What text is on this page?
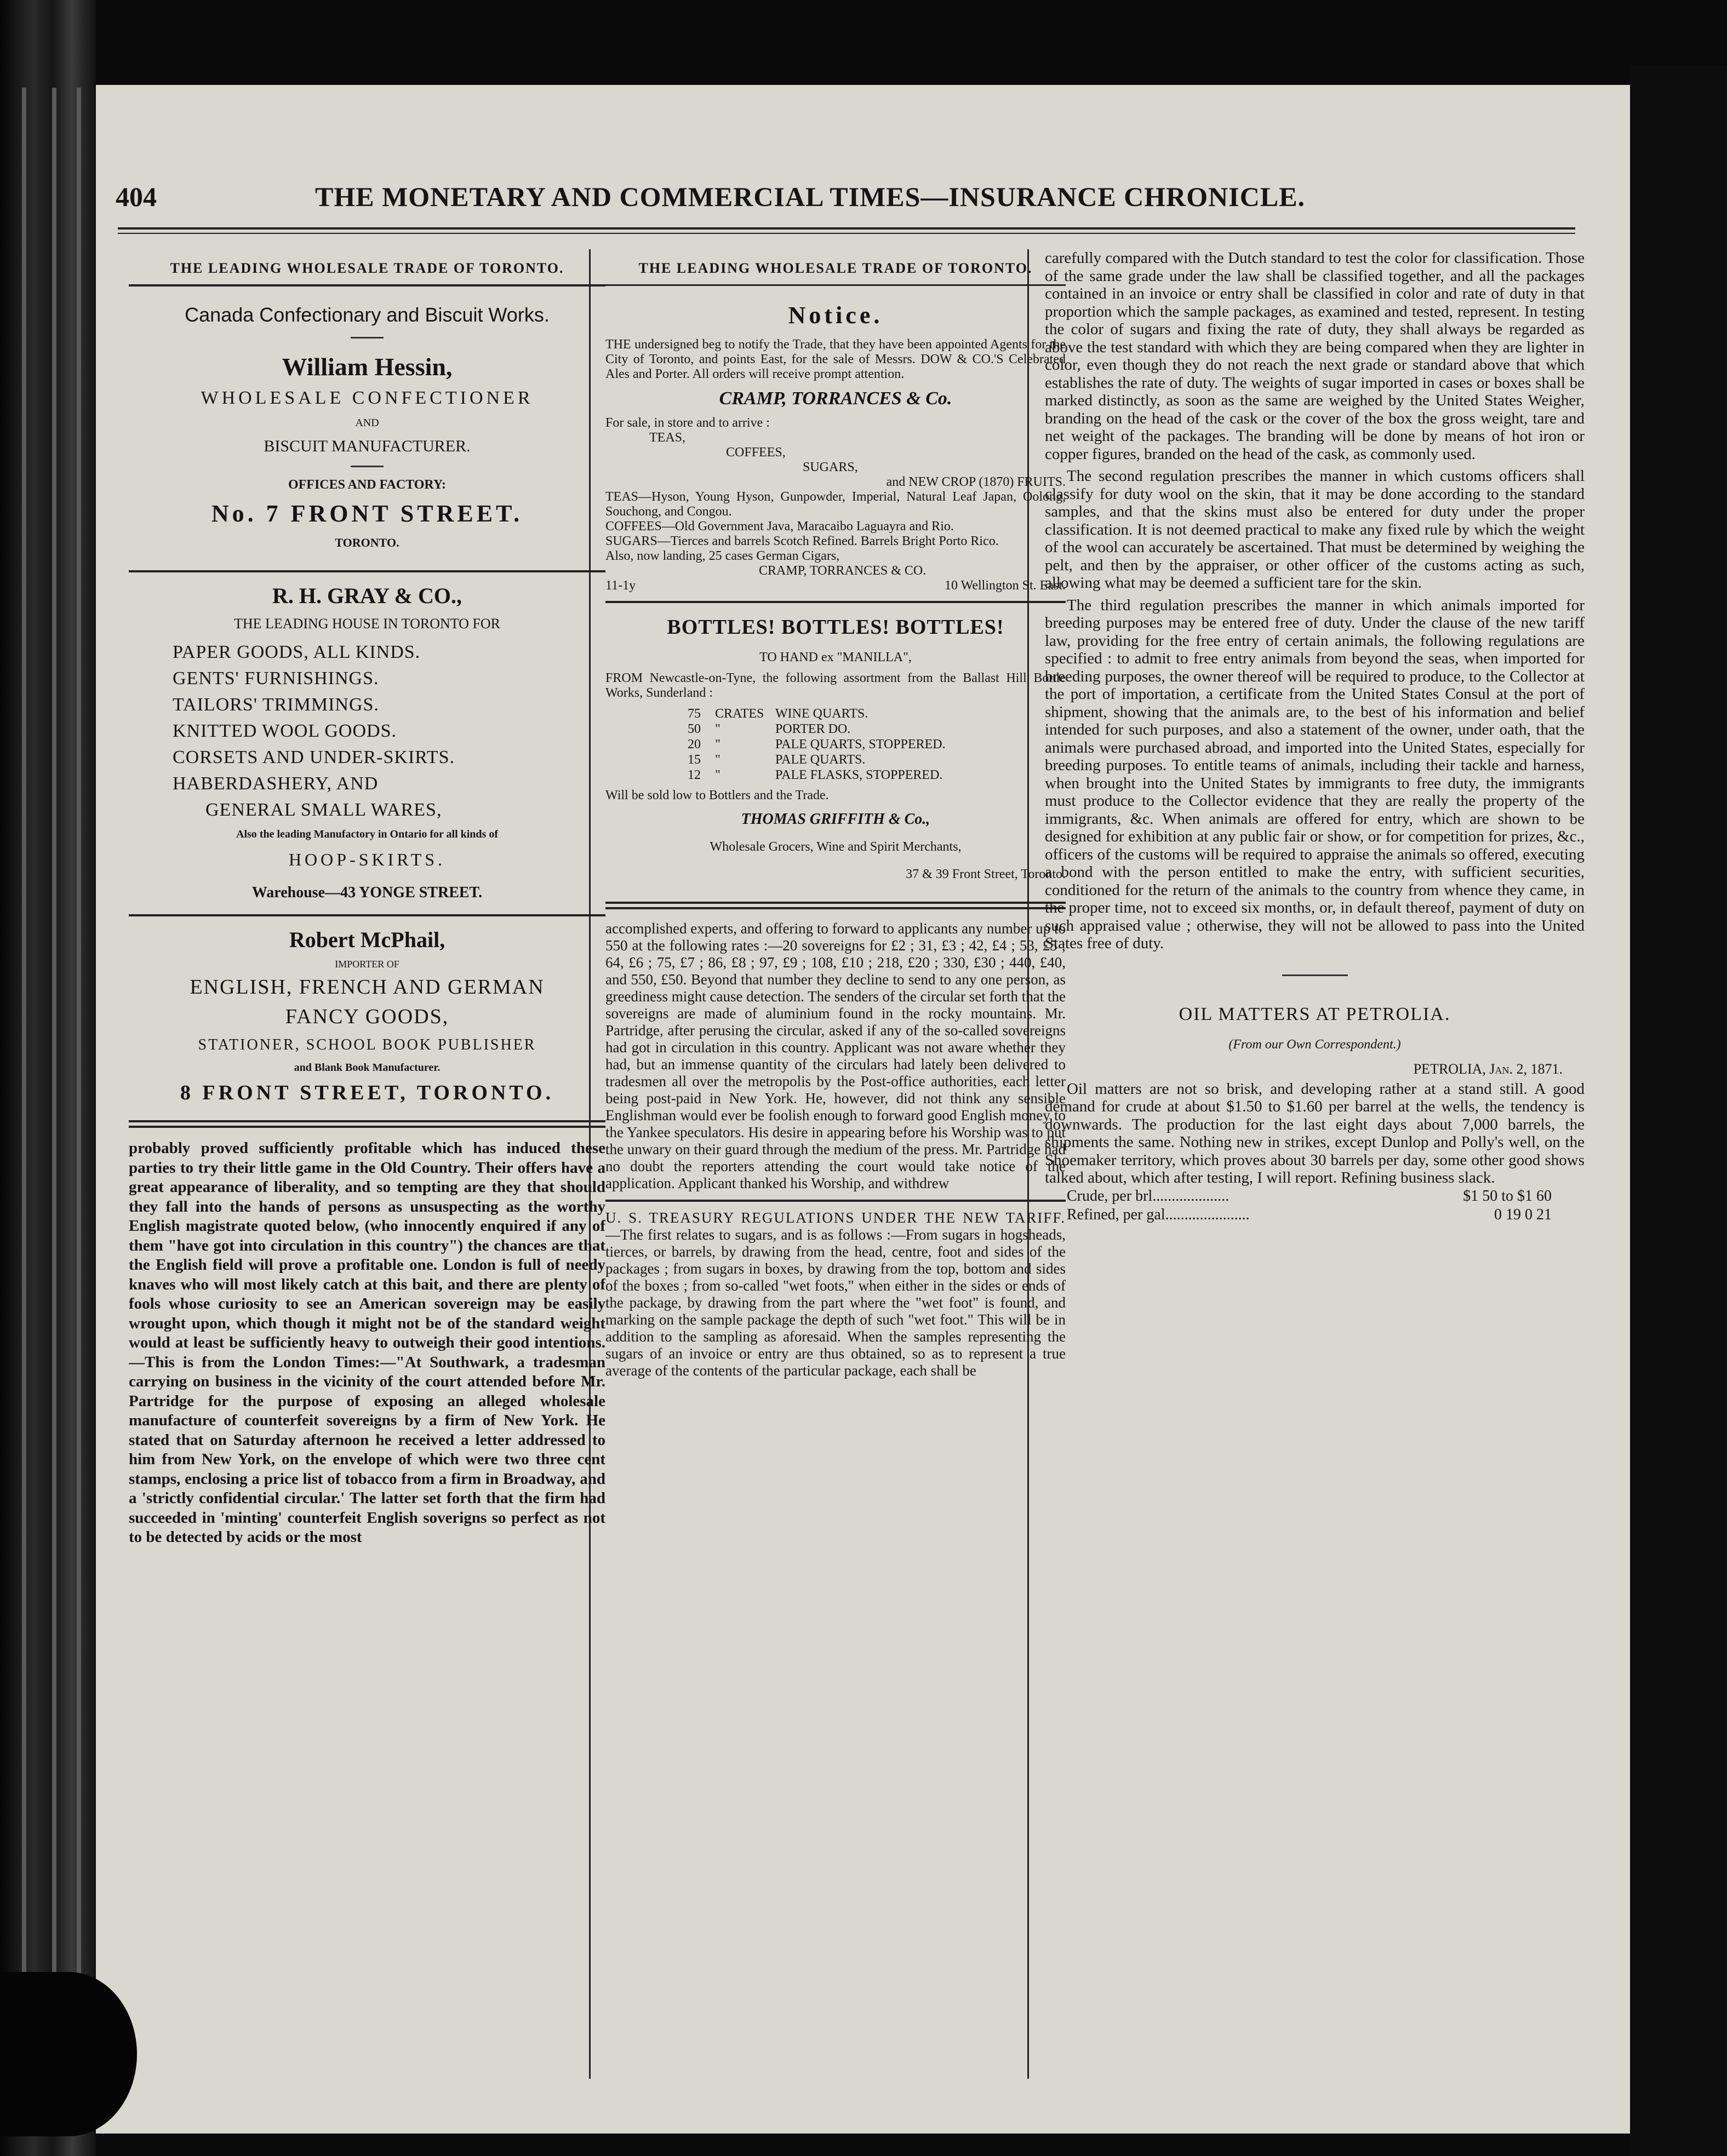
404	THE MONETARY AND COMMERCIAL TIMES—INSURANCE CHRONICLE.
THE LEADING WHOLESALE TRADE OF TORONTO.
Canada Confectionary and Biscuit Works.
William Hessin,
WHOLESALE CONFECTIONER
AND
BISCUIT MANUFACTURER.
OFFICES AND FACTORY:
No. 7 FRONT STREET.
TORONTO.
R. H. GRAY & CO.,
THE LEADING HOUSE IN TORONTO FOR
PAPER GOODS, ALL KINDS.
GENTS' FURNISHINGS.
TAILORS' TRIMMINGS.
KNITTED WOOL GOODS.
CORSETS AND UNDER-SKIRTS.
HABERDASHERY, AND
GENERAL SMALL WARES,
Also the leading Manufactory in Ontario for all kinds of
HOOP-SKIRTS.
Warehouse—43 YONGE STREET.
Robert McPhail,
IMPORTER OF
ENGLISH, FRENCH AND GERMAN
FANCY GOODS,
STATIONER, SCHOOL BOOK PUBLISHER
and Blank Book Manufacturer.
8 FRONT STREET, TORONTO.

probably proved sufficiently profitable which has induced these parties to try their little game in the Old Country. Their offers have a great appearance of liberality, and so tempting are they that should they fall into the hands of persons as unsuspecting as the worthy English magistrate quoted below, (who innocently enquired if any of them "have got into circulation in this country") the chances are that the English field will prove a profitable one. London is full of needy knaves who will most likely catch at this bait, and there are plenty of fools whose curiosity to see an American sovereign may be easily wrought upon, which though it might not be of the standard weight would at least be sufficiently heavy to outweigh their good intentions.—This is from the London Times:—"At Southwark, a tradesman carrying on business in the vicinity of the court attended before Mr. Partridge for the purpose of exposing an alleged wholesale manufacture of counterfeit sovereigns by a firm of New York. He stated that on Saturday afternoon he received a letter addressed to him from New York, on the envelope of which were two three cent stamps, enclosing a price list of tobacco from a firm in Broadway, and a 'strictly confidential circular.' The latter set forth that the firm had succeeded in 'minting' counterfeit English soverigns so perfect as not to be detected by acids or the most

THE LEADING WHOLESALE TRADE OF TORONTO.
Notice.

THE undersigned beg to notify the Trade, that they have been appointed Agents for the City of Toronto, and points East, for the sale of Messrs. DOW & CO.'S Celebrated Ales and Porter. All orders will receive prompt attention.

CRAMP, TORRANCES & Co.
For sale, in store and to arrive :
TEAS,
COFFEES,
SUGARS,
and NEW CROP (1870) FRUITS.

TEAS—Hyson, Young Hyson, Gunpowder, Imperial, Natural Leaf Japan, Oolong, Souchong, and Congou.

COFFEES—Old Government Java, Maracaibo Laguayra and Rio.

SUGARS—Tierces and barrels Scotch Refined. Barrels Bright Porto Rico.

Also, now landing, 25 cases German Cigars,

CRAMP, TORRANCES & CO.
11-1y	10 Wellington St. East.
BOTTLES! BOTTLES! BOTTLES!
TO HAND ex "MANILLA",

FROM Newcastle-on-Tyne, the following assortment from the Ballast Hill Bottle Works, Sunderland :

75	CRATES WINE QUARTS.
50	"	PORTER DO.
20	"	PALE QUARTS, STOPPERED.
15	"	PALE QUARTS.
12	"	PALE FLASKS, STOPPERED.
Will be sold low to Bottlers and the Trade.
THOMAS GRIFFITH & Co.,
Wholesale Grocers, Wine and Spirit Merchants,
37 & 39 Front Street, Toronto.

accomplished experts, and offering to forward to applicants any number up to 550 at the following rates :—20 sovereigns for £2 ; 31, £3 ; 42, £4 ; 53, £5 ; 64, £6 ; 75, £7 ; 86, £8 ; 97, £9 ; 108, £10 ; 218, £20 ; 330, £30 ; 440, £40, and 550, £50. Beyond that number they decline to send to any one person, as greediness might cause detection. The senders of the circular set forth that the sovereigns are made of aluminium found in the rocky mountains. Mr. Partridge, after perusing the circular, asked if any of the so-called sovereigns had got in circulation in this country. Applicant was not aware whether they had, but an immense quantity of the circulars had lately been delivered to tradesmen all over the metropolis by the Post-office authorities, each letter being post-paid in New York. He, however, did not think any sensible Englishman would ever be foolish enough to forward good English money to the Yankee speculators. His desire in appearing before his Worship was to put the unwary on their guard through the medium of the press. Mr. Partridge had no doubt the reporters attending the court would take notice of the application. Applicant thanked his Worship, and withdrew

U. S. TREASURY REGULATIONS UNDER THE NEW TARIFF.—The first relates to sugars, and is as follows :—From sugars in hogsheads, tierces, or barrels, by drawing from the head, centre, foot and sides of the packages ; from sugars in boxes, by drawing from the top, bottom and sides of the boxes ; from so-called "wet foots," when either in the sides or ends of the package, by drawing from the part where the "wet foot" is found, and marking on the sample package the depth of such "wet foot." This will be in addition to the sampling as aforesaid. When the samples representing the sugars of an invoice or entry are thus obtained, so as to represent a true average of the contents of the particular package, each shall be

carefully compared with the Dutch standard to test the color for classification. Those of the same grade under the law shall be classified together, and all the packages contained in an invoice or entry shall be classified in color and rate of duty in that proportion which the sample packages, as examined and tested, represent. In testing the color of sugars and fixing the rate of duty, they shall always be regarded as above the test standard with which they are being compared when they are lighter in color, even though they do not reach the next grade or standard above that which establishes the rate of duty. The weights of sugar imported in cases or boxes shall be marked distinctly, as soon as the same are weighed by the United States Weigher, branding on the head of the cask or the cover of the box the gross weight, tare and net weight of the packages. The branding will be done by means of hot iron or copper figures, branded on the head of the cask, as commonly used.

The second regulation prescribes the manner in which customs officers shall classify for duty wool on the skin, that it may be done according to the standard samples, and that the skins must also be entered for duty under the proper classification. It is not deemed practical to make any fixed rule by which the weight of the wool can accurately be ascertained. That must be determined by weighing the pelt, and then by the appraiser, or other officer of the customs acting as such, allowing what may be deemed a sufficient tare for the skin.

The third regulation prescribes the manner in which animals imported for breeding purposes may be entered free of duty. Under the clause of the new tariff law, providing for the free entry of certain animals, the following regulations are specified : to admit to free entry animals from beyond the seas, when imported for breeding purposes, the owner thereof will be required to produce, to the Collector at the port of importation, a certificate from the United States Consul at the port of shipment, showing that the animals are, to the best of his information and belief intended for such purposes, and also a statement of the owner, under oath, that the animals were purchased abroad, and imported into the United States, especially for breeding purposes. To entitle teams of animals, including their tackle and harness, when brought into the United States by immigrants to free duty, the immigrants must produce to the Collector evidence that they are really the property of the immigrants, &c. When animals are offered for entry, which are shown to be designed for exhibition at any public fair or show, or for competition for prizes, &c., officers of the customs will be required to appraise the animals so offered, executing a bond with the person entitled to make the entry, with sufficient securities, conditioned for the return of the animals to the country from whence they came, in the proper time, not to exceed six months, or, in default thereof, payment of duty on such appraised value ; otherwise, they will not be allowed to pass into the United States free of duty.

OIL MATTERS AT PETROLIA.
(From our Own Correspondent.)
PETROLIA, Jan. 2, 1871.

Oil matters are not so brisk, and developing rather at a stand still. A good demand for crude at about $1.50 to $1.60 per barrel at the wells, the tendency is downwards. The production for the last eight days about 7,000 barrels, the shipments the same. Nothing new in strikes, except Dunlop and Polly's well, on the Shoemaker territory, which proves about 30 barrels per day, some other good shows talked about, which after testing, I will report. Refining business slack.

Crude, per brl....................	$1 50 to $1 60
Refined, per gal......................	0 19 0 21
